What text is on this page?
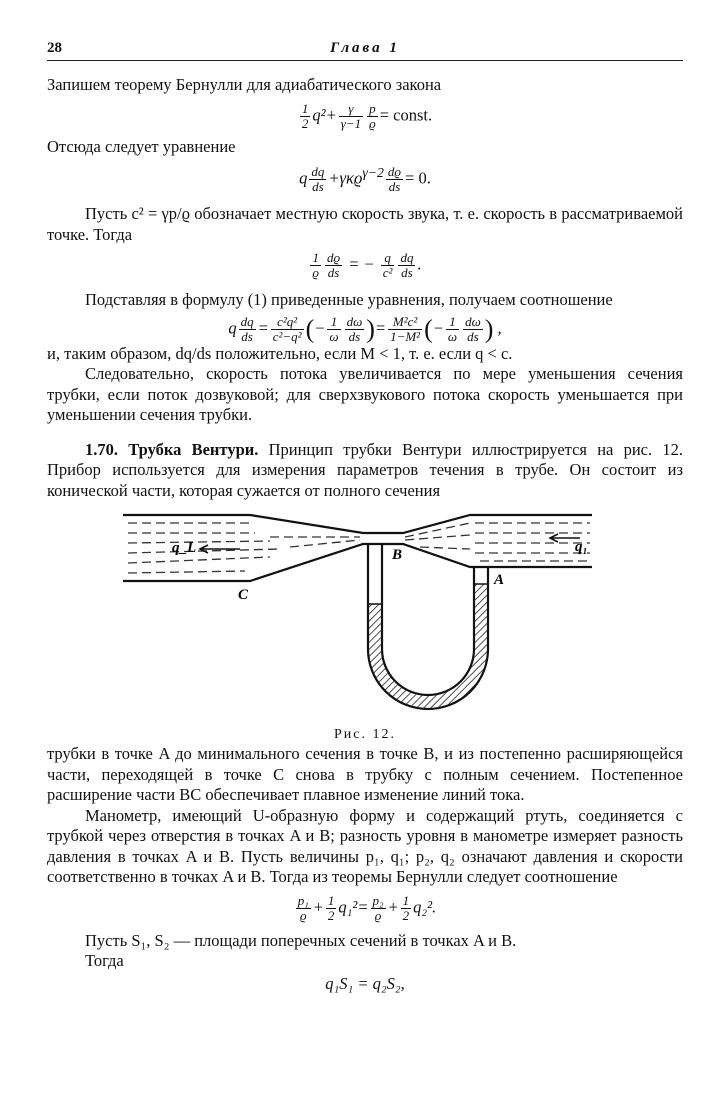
28	Глава 1

Запишем теорему Бернулли для адиабатического закона

$\frac{1}{2} q^2+ \frac{\gamma}{\gamma-1} \frac{p}{ϱ}$ = const.

Отсюда следует уравнение

q $\frac{dq}{ds} +\gamma\kappa ϱ^{\gamma-2} \frac{dϱ}{ds} = 0$.

Пусть c² = γp/ϱ обозначает местную скорость звука, т. е. скорость в рассматриваемой точке. Тогда

$\frac{1}{ϱ} \frac{dϱ}{ds}$ = − $\frac{q}{\text{c²}} \frac{dq}{ds}$ .

Подставляя в формулу (1) приведенные уравнения, получаем соотношение

q $\frac{dq}{ds} = \frac{\text{c²q²}}{\text{c²−q²}}$ (− $\frac{1}{\omega} \frac{d\omega}{ds}$ )= $\frac{\text{M²c²}}{\text{1−M²}}$ (− $\frac{1}{\omega} \frac{d\omega}{ds}$ ) ,

и, таким образом, dq/ds положительно, если M < 1, т. е. если q < c.

Следовательно, скорость потока увеличивается по мере уменьшения сечения трубки, если поток дозвуковой; для сверхзвукового потока скорость уменьшается при уменьшении сечения трубки.

1.70. Трубка Вентури. Принцип трубки Вентури иллюстрируется на рис. 12. Прибор используется для измерения параметров течения в трубе. Он состоит из конической части, которая сужается от полного сечения

C
B
A
q_L	q₁
Рис. 12.

трубки в точке A до минимального сечения в точке B, и из постепенно расширяющейся части, переходящей в точке C снова в трубку с полным сечением. Постепенное расширение части BC обеспечивает плавное изменение линий тока.

Манометр, имеющий U-образную форму и содержащий ртуть, соединяется с трубкой через отверстия в точках A и B; разность уровня в манометре измеряет разность давления в точках A и B. Пусть величины p₁, q₁; p₂, q₂ означают давления и скорости соответственно в точках A и B. Тогда из теоремы Бернулли следует соотношение

$\frac{\text{p₁}}{ϱ} + \frac{1}{2} q_1^2= \frac{\text{p₂}}{ϱ} + \frac{1}{2} q_2^2$.

Пусть S₁, S₂ — площади поперечных сечений в точках A и B.

Тогда

q₁S₁ = q₂S₂,
